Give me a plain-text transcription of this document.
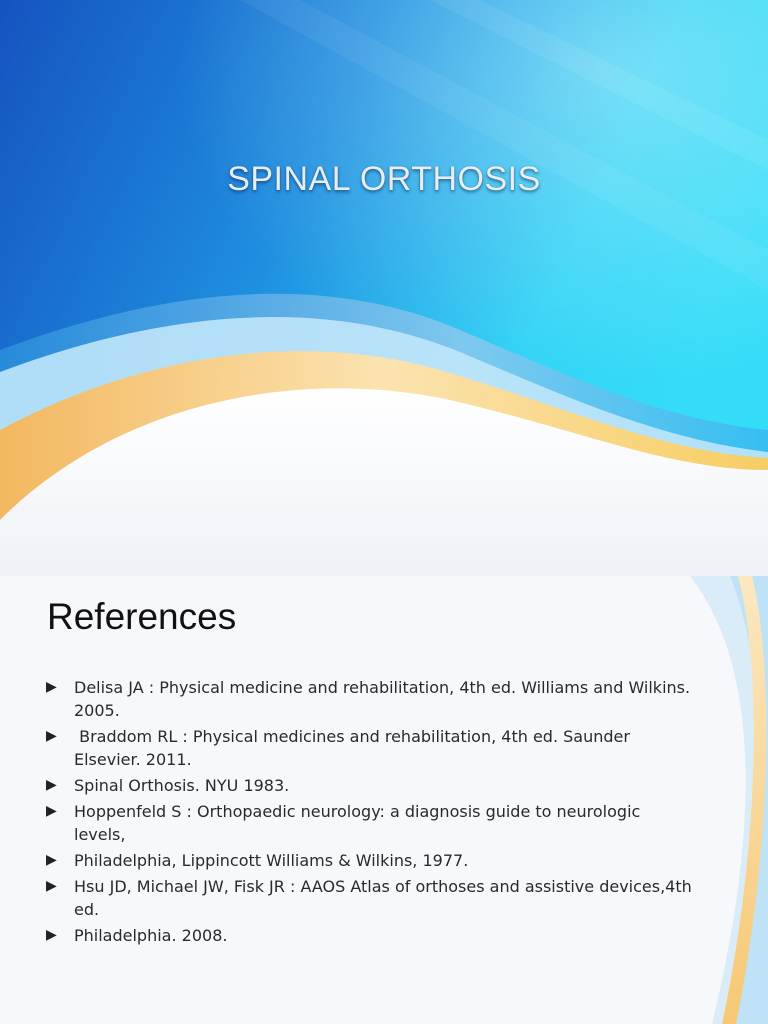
SPINAL ORTHOSIS
References
▶ Delisa JA : Physical medicine and rehabilitation, 4th ed. Williams and Wilkins. 2005.
▶ Braddom RL : Physical medicines and rehabilitation, 4th ed. Saunder Elsevier. 2011.
▶ Spinal Orthosis. NYU 1983.
▶ Hoppenfeld S : Orthopaedic neurology: a diagnosis guide to neurologic levels,
▶ Philadelphia, Lippincott Williams & Wilkins, 1977.
▶ Hsu JD, Michael JW, Fisk JR : AAOS Atlas of orthoses and assistive devices,4th ed.
▶ Philadelphia. 2008.
